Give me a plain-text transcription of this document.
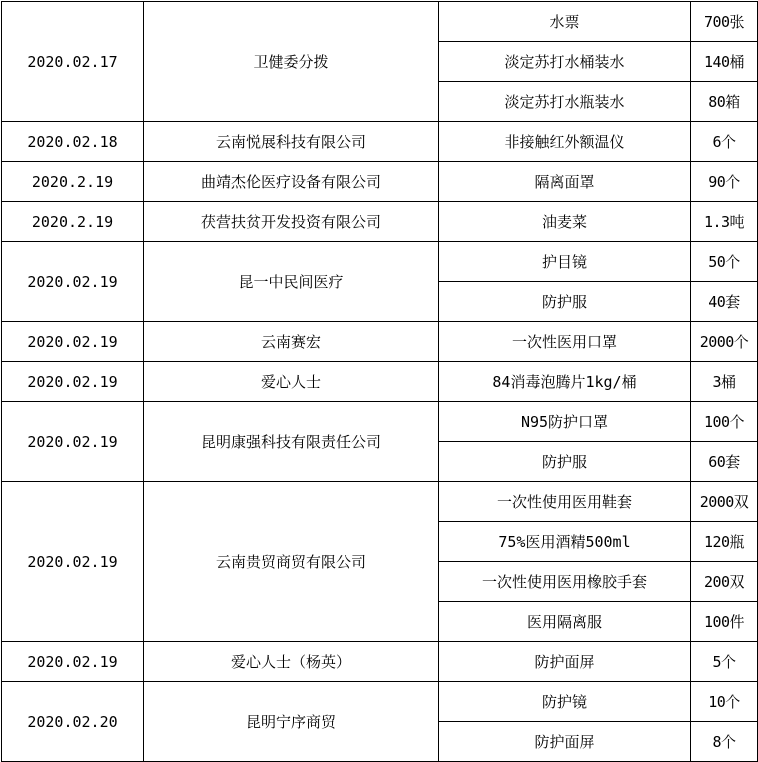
2020.02.17	卫健委分拨	水票	700张
		淡定苏打水桶装水	140桶
		淡定苏打水瓶装水	80箱
2020.02.18	云南悦展科技有限公司	非接触红外额温仪	6个
2020.2.19	曲靖杰伦医疗设备有限公司	隔离面罩	90个
2020.2.19	茯营扶贫开发投资有限公司	油麦菜	1.3吨
2020.02.19	昆一中民间医疗	护目镜	50个
		防护服	40套
2020.02.19	云南赛宏	一次性医用口罩	2000个
2020.02.19	爱心人士	84消毒泡腾片1kg/桶	3桶
2020.02.19	昆明康强科技有限责任公司	N95防护口罩	100个
		防护服	60套
2020.02.19	云南贵贸商贸有限公司	一次性使用医用鞋套	2000双
		75%医用酒精500ml	120瓶
		一次性使用医用橡胶手套	200双
		医用隔离服	100件
2020.02.19	爱心人士（杨英）	防护面屏	5个
2020.02.20	昆明宁序商贸	防护镜	10个
		防护面屏	8个
